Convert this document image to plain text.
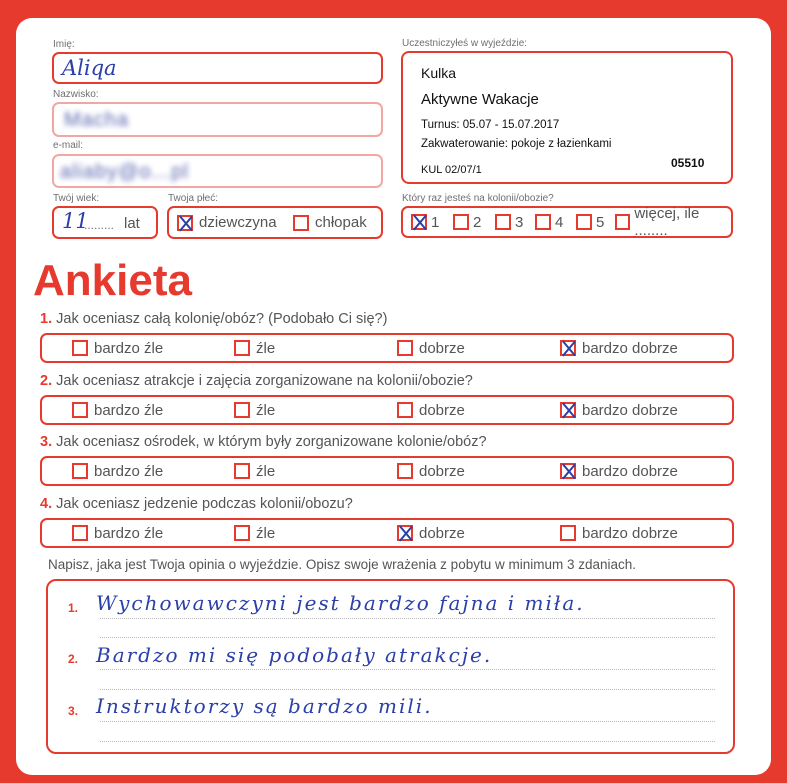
Imię:
Aliqa
Nazwisko:
Macha
e-mail:
aliaby@o...pl
Twój wiek:
11
......... lat
Twoja płeć:
dziewczyna	chłopak
Uczestniczyłeś w wyjeździe:
Kulka
Aktywne Wakacje
Turnus: 05.07 - 15.07.2017
Zakwaterowanie: pokoje z łazienkami
KUL 02/07/1	05510
Który raz jesteś na kolonii/obozie?
1 2 3 4 5 więcej, ile ........
Ankieta
1. Jak oceniasz całą kolonię/obóz? (Podobało Ci się?)
bardzo źle	źle	dobrze	bardzo dobrze
2. Jak oceniasz atrakcje i zajęcia zorganizowane na kolonii/obozie?
bardzo źle	źle	dobrze	bardzo dobrze
3. Jak oceniasz ośrodek, w którym były zorganizowane kolonie/obóz?
bardzo źle	źle	dobrze	bardzo dobrze
4. Jak oceniasz jedzenie podczas kolonii/obozu?
bardzo źle	źle	dobrze	bardzo dobrze
Napisz, jaka jest Twoja opinia o wyjeździe. Opisz swoje wrażenia z pobytu w minimum 3 zdaniach.
1. Wychowawczyni jest bardzo fajna i miła.
2. Bardzo mi się podobały atrakcje.
3. Instruktorzy są bardzo mili.
